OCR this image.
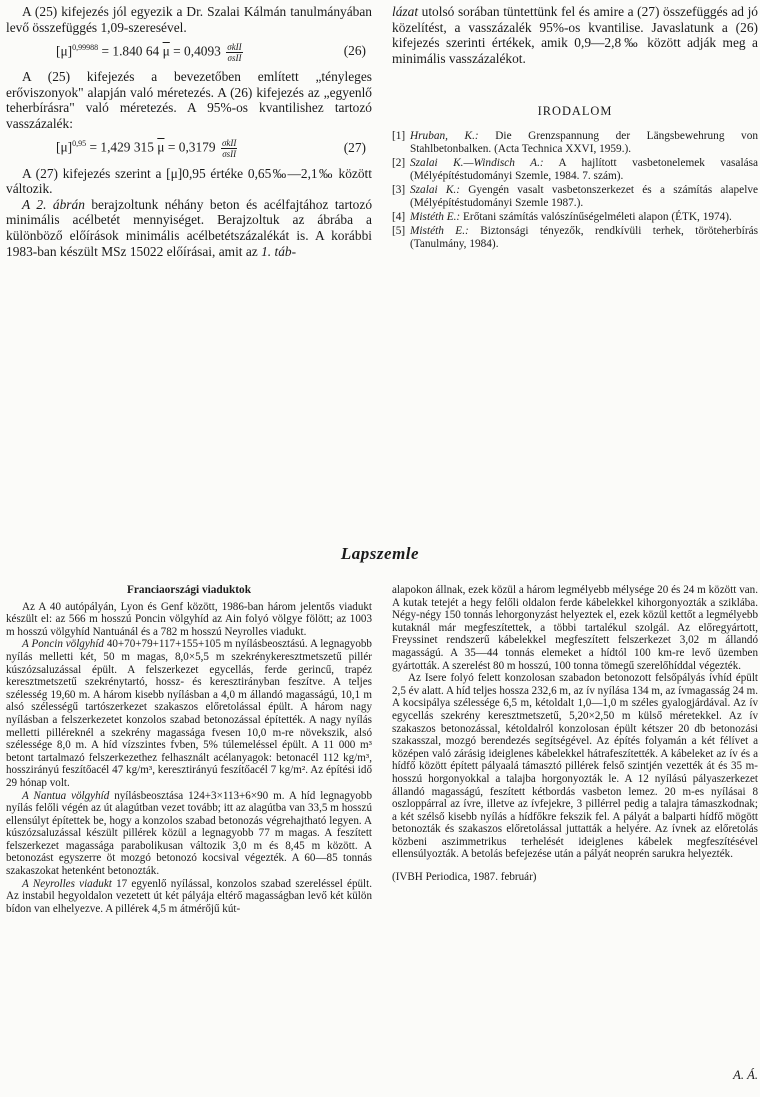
A (25) kifejezés jól egyezik a Dr. Szalai Kálmán tanulmányában levő összefüggés 1,09-szeresével.

$[\mu]^{0,99988} = 1.840$ 64 $\overline{\mu} = 0,4093 \frac{\text{σkII}}{\text{σsII}}$	(26)

A (25) kifejezés a bevezetőben említett „tényleges erőviszonyok" alapján való méretezés. A (26) kifejezés az „egyenlő teherbírásra" való méretezés. A 95%-os kvantilishez tartozó vasszázalék:

$[\mu]^{0,95} = 1,429$ 315 $\overline{\mu} = 0,3179 \frac{\text{σkII}}{\text{σsII}}$	(27)

A (27) kifejezés szerint a [μ]0,95 értéke 0,65‰—2,1‰ között változik.

A 2. ábrán berajzoltunk néhány beton és acélfajtához tartozó minimális acélbetét mennyiséget. Berajzoltuk az ábrába a különböző előírások minimális acélbetétszázalékát is. A korábbi 1983-ban készült MSz 15022 előírásai, amit az 1. táb-

lázat utolsó sorában tüntettünk fel és amire a (27) összefüggés ad jó közelítést, a vasszázalék 95%-os kvantilise. Javaslatunk a (26) kifejezés szerinti értékek, amik 0,9—2,8‰ között adják meg a minimális vasszázalékot.

IRODALOM
[1] Hruban, K.: Die Grenzspannung der Längsbewehrung von Stahlbetonbalken. (Acta Technica XXVI, 1959.).
[2] Szalai K.—Windisch A.: A hajlított vasbetonelemek vasalása (Mélyépítéstudományi Szemle, 1984. 7. szám).
[3] Szalai K.: Gyengén vasalt vasbetonszerkezet és a számítás alapelve (Mélyépítéstudományi Szemle 1987.).
[4] Mistéth E.: Erőtani számítás valószínűségelméleti alapon (ÉTK, 1974).
[5] Mistéth E.: Biztonsági tényezők, rendkívüli terhek, töröteherbírás (Tanulmány, 1984).
Lapszemle
Franciaországi viaduktok

Az A 40 autópályán, Lyon és Genf között, 1986-ban három jelentős viadukt készült el: az 566 m hosszú Poncin völgyhíd az Ain folyó völgye fölött; az 1003 m hosszú völgyhíd Nantuánál és a 782 m hosszú Neyrolles viadukt.

A Poncin völgyhíd 40+70+79+117+155+105 m nyílásbeosztású. A legnagyobb nyílás melletti két, 50 m magas, 8,0×5,5 m szekrénykeresztmetszetű pillér kúszózsaluzással épült. A felszerkezet egycellás, ferde gerincű, trapéz keresztmetszetű szekrénytartó, hossz- és keresztirányban feszítve. A teljes szélesség 19,60 m. A három kisebb nyílásban a 4,0 m állandó magasságú, 10,1 m alsó szélességű tartószerkezet szakaszos előretolással épült. A három nagy nyílásban a felszerkezetet konzolos szabad betonozással építették. A nagy nyílás melletti pilléreknél a szekrény magassága fvesen 10,0 m-re növekszik, alsó szélessége 8,0 m. A híd vízszintes fvben, 5% túlemeléssel épült. A 11 000 m³ betont tartalmazó felszerkezethez felhasznált acélanyagok: betonacél 112 kg/m³, hosszirányú feszítőacél 47 kg/m³, keresztirányú feszítőacél 7 kg/m². Az építési idő 29 hónap volt.

A Nantua völgyhíd nyílásbeosztása 124+3×113+6×90 m. A híd legnagyobb nyílás felőli végén az út alagútban vezet tovább; itt az alagútba van 33,5 m hosszú ellensúlyt építettek be, hogy a konzolos szabad betonozás végrehajtható legyen. A kúszózsaluzással készült pillérek közül a legnagyobb 77 m magas. A feszített felszerkezet magassága parabolikusan változik 3,0 m és 8,45 m között. A betonozást egyszerre öt mozgó betonozó kocsival végezték. A 60—85 tonnás szakaszokat hetenként betonozták.

A Neyrolles viadukt 17 egyenlő nyílással, konzolos szabad szereléssel épült. Az instabil hegyoldalon vezetett út két pályája eltérő magasságban levő két külön bídon van elhelyezve. A pillérek 4,5 m átmérőjű kút-

alapokon állnak, ezek közül a három legmélyebb mélysége 20 és 24 m között van. A kutak tetejét a hegy felőli oldalon ferde kábelekkel kihorgonyozták a sziklába. Négy-négy 150 tonnás lehorgonyzást helyeztek el, ezek közül kettőt a legmélyebb kutaknál már megfeszítettek, a többi tartalékul szolgál. Az előregyártott, Freyssinet rendszerű kábelekkel megfeszített felszerkezet 3,02 m állandó magasságú. A 35—44 tonnás elemeket a hídtól 100 km-re levő üzemben gyártották. A szerelést 80 m hosszú, 100 tonna tömegű szerelőhíddal végezték.

Az Isere folyó felett konzolosan szabadon betonozott felsőpályás ívhíd épült 2,5 év alatt. A híd teljes hossza 232,6 m, az ív nyílása 134 m, az ívmagasság 24 m. A kocsipálya szélessége 6,5 m, kétoldalt 1,0—1,0 m széles gyalogjárdával. Az ív egycellás szekrény keresztmetszetű, 5,20×2,50 m külső méretekkel. Az ív szakaszos betonozással, kétoldalról konzolosan épült kétszer 20 db betonozási szakasszal, mozgó berendezés segítségével. Az építés folyamán a két félívet a középen való zárásig ideiglenes kábelekkel hátrafeszítették. A kábeleket az ív és a hídfő között épített pályaalá támasztó pillérek felső szintjén vezették át és 35 m-hosszú horgonyokkal a talajba horgonyozták le. A 12 nyílású pályaszerkezet állandó magasságú, feszített kétbordás vasbeton lemez. 20 m-es nyílásai 8 oszloppárral az ívre, illetve az ívfejekre, 3 pillérrel pedig a talajra támaszkodnak; a két szélső kisebb nyílás a hídfőkre fekszik fel. A pályát a balparti hídfő mögött betonozták és szakaszos előretolással juttatták a helyére. Az ívnek az előretolás közbeni aszimmetrikus terhelését ideiglenes kábelek megfeszítésével ellensúlyozták. A betolás befejezése után a pályát neoprén sarukra helyezték.

(IVBH Periodica, 1987. február)

A. Á.
